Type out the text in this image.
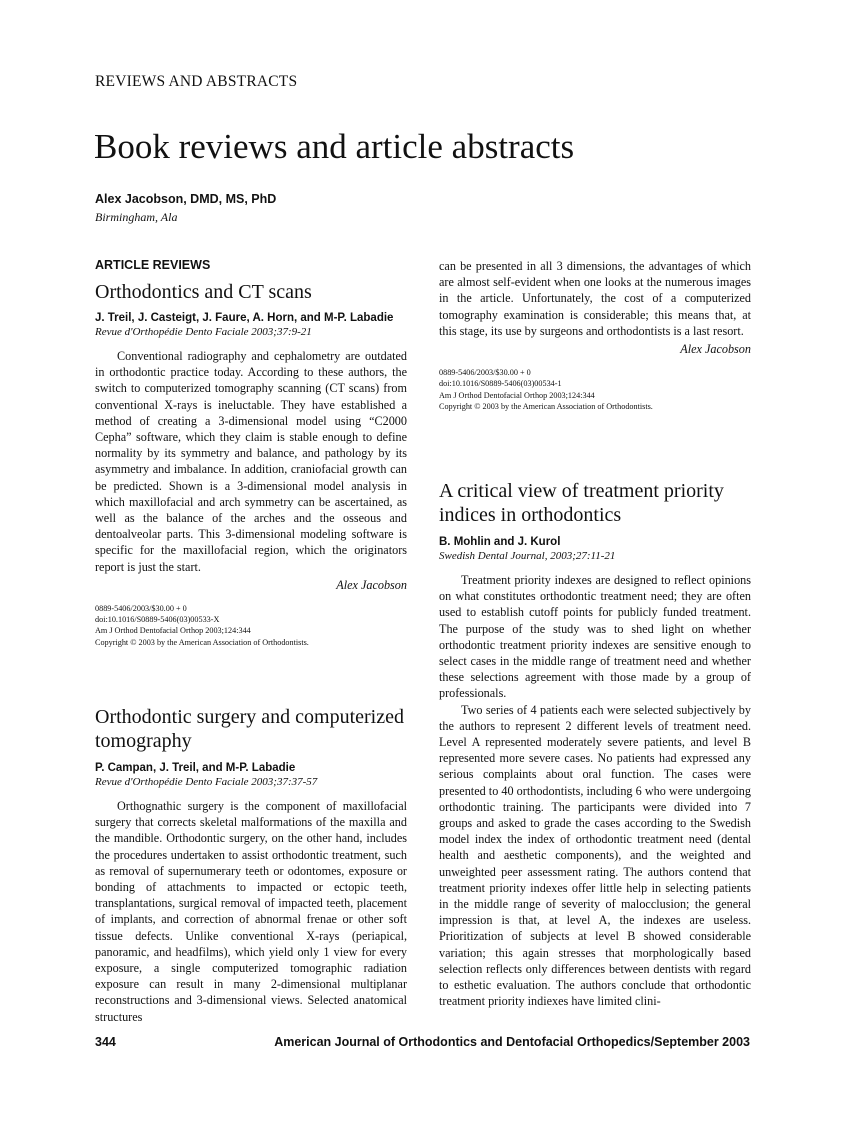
REVIEWS AND ABSTRACTS
Book reviews and article abstracts
Alex Jacobson, DMD, MS, PhD
Birmingham, Ala

ARTICLE REVIEWS

Orthodontics and CT scans

J. Treil, J. Casteigt, J. Faure, A. Horn, and M-P. Labadie

Revue d'Orthopédie Dento Faciale 2003;37:9-21

Conventional radiography and cephalometry are outdated in orthodontic practice today. According to these authors, the switch to computerized tomography scanning (CT scans) from conventional X-rays is ineluctable. They have established a method of creating a 3-dimensional model using “C2000 Cepha” software, which they claim is stable enough to define normality by its symmetry and balance, and pathology by its asymmetry and imbalance. In addition, craniofacial growth can be predicted. Shown is a 3-dimensional model analysis in which maxillofacial and arch symmetry can be ascertained, as well as the balance of the arches and the osseous and dentoalveolar parts. This 3-dimensional modeling software is specific for the maxillofacial region, which the originators report is just the start.

Alex Jacobson

0889-5406/2003/$30.00 + 0

doi:10.1016/S0889-5406(03)00533-X

Am J Orthod Dentofacial Orthop 2003;124:344

Copyright © 2003 by the American Association of Orthodontists.

Orthodontic surgery and computerized tomography

P. Campan, J. Treil, and M-P. Labadie

Revue d'Orthopédie Dento Faciale 2003;37:37-57

Orthognathic surgery is the component of maxillofacial surgery that corrects skeletal malformations of the maxilla and the mandible. Orthodontic surgery, on the other hand, includes the procedures undertaken to assist orthodontic treatment, such as removal of supernumerary teeth or odontomes, exposure or bonding of attachments to impacted or ectopic teeth, transplantations, surgical removal of impacted teeth, placement of implants, and correction of abnormal frenae or other soft tissue defects. Unlike conventional X-rays (periapical, panoramic, and headfilms), which yield only 1 view for every exposure, a single computerized tomographic radiation exposure can result in many 2-dimensional multiplanar reconstructions and 3-dimensional views. Selected anatomical structures

can be presented in all 3 dimensions, the advantages of which are almost self-evident when one looks at the numerous images in the article. Unfortunately, the cost of a computerized tomography examination is considerable; this means that, at this stage, its use by surgeons and orthodontists is a last resort.

Alex Jacobson

0889-5406/2003/$30.00 + 0

doi:10.1016/S0889-5406(03)00534-1

Am J Orthod Dentofacial Orthop 2003;124:344

Copyright © 2003 by the American Association of Orthodontists.

A critical view of treatment priority indices in orthodontics

B. Mohlin and J. Kurol

Swedish Dental Journal, 2003;27:11-21

Treatment priority indexes are designed to reflect opinions on what constitutes orthodontic treatment need; they are often used to establish cutoff points for publicly funded treatment. The purpose of the study was to shed light on whether orthodontic treatment priority indexes are sensitive enough to select cases in the middle range of treatment need and whether these selections agreement with those made by a group of professionals.

Two series of 4 patients each were selected subjectively by the authors to represent 2 different levels of treatment need. Level A represented moderately severe patients, and level B represented more severe cases. No patients had expressed any serious complaints about oral function. The cases were presented to 40 orthodontists, including 6 who were undergoing orthodontic training. The participants were divided into 7 groups and asked to grade the cases according to the Swedish model index the index of orthodontic treatment need (dental health and aesthetic components), and the weighted and unweighted peer assessment rating. The authors contend that treatment priority indexes offer little help in selecting patients in the middle range of severity of malocclusion; the general impression is that, at level A, the indexes are useless. Prioritization of subjects at level B showed considerable variation; this again stresses that morphologically based selection reflects only differences between dentists with regard to esthetic evaluation. The authors conclude that orthodontic treatment priority indiexes have limited clini-

344	American Journal of Orthodontics and Dentofacial Orthopedics/September 2003
